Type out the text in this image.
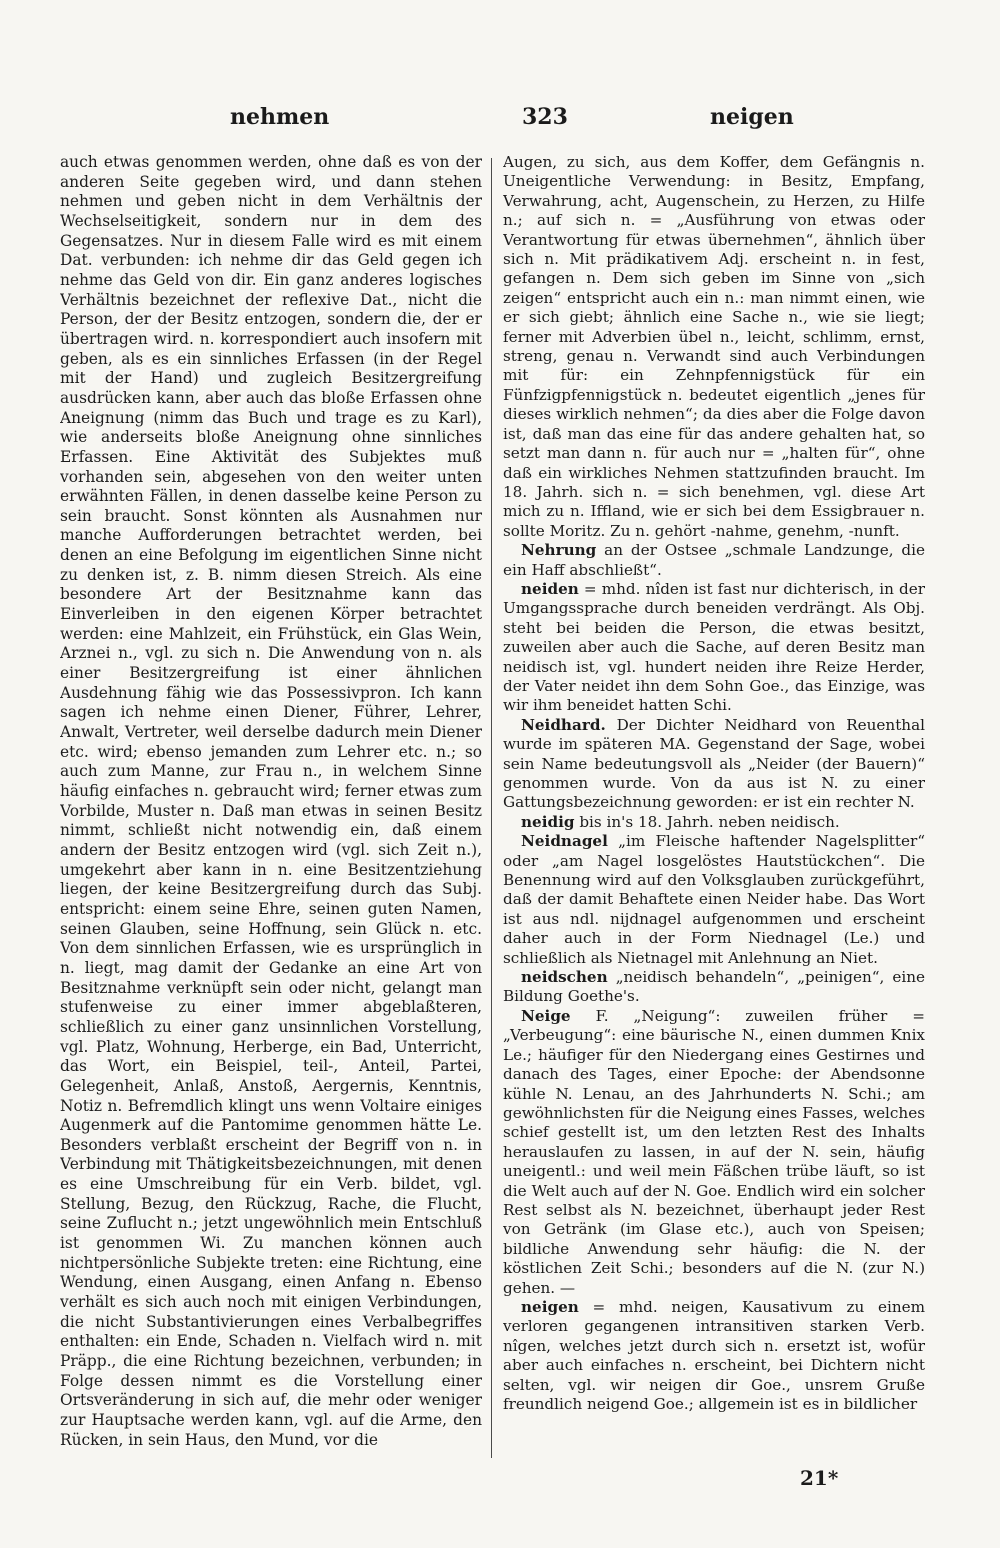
nehmen	323	neigen

auch etwas genommen werden, ohne daß es von der anderen Seite gegeben wird, und dann stehen nehmen und geben nicht in dem Verhältnis der Wechselseitigkeit, sondern nur in dem des Gegensatzes. Nur in diesem Falle wird es mit einem Dat. verbunden: ich nehme dir das Geld gegen ich nehme das Geld von dir. Ein ganz anderes logisches Verhältnis bezeichnet der reflexive Dat., nicht die Person, der der Besitz entzogen, sondern die, der er übertragen wird. n. korrespondiert auch insofern mit geben, als es ein sinnliches Erfassen (in der Regel mit der Hand) und zugleich Besitzergreifung ausdrücken kann, aber auch das bloße Erfassen ohne Aneignung (nimm das Buch und trage es zu Karl), wie anderseits bloße Aneignung ohne sinnliches Erfassen. Eine Aktivität des Subjektes muß vorhanden sein, abgesehen von den weiter unten erwähnten Fällen, in denen dasselbe keine Person zu sein braucht. Sonst könnten als Ausnahmen nur manche Aufforderungen betrachtet werden, bei denen an eine Befolgung im eigentlichen Sinne nicht zu denken ist, z. B. nimm diesen Streich. Als eine besondere Art der Besitznahme kann das Einverleiben in den eigenen Körper betrachtet werden: eine Mahlzeit, ein Frühstück, ein Glas Wein, Arznei n., vgl. zu sich n. Die Anwendung von n. als einer Besitzergreifung ist einer ähnlichen Ausdehnung fähig wie das Possessivpron. Ich kann sagen ich nehme einen Diener, Führer, Lehrer, Anwalt, Vertreter, weil derselbe dadurch mein Diener etc. wird; ebenso jemanden zum Lehrer etc. n.; so auch zum Manne, zur Frau n., in welchem Sinne häufig einfaches n. gebraucht wird; ferner etwas zum Vorbilde, Muster n. Daß man etwas in seinen Besitz nimmt, schließt nicht notwendig ein, daß einem andern der Besitz entzogen wird (vgl. sich Zeit n.), umgekehrt aber kann in n. eine Besitzentziehung liegen, der keine Besitzergreifung durch das Subj. entspricht: einem seine Ehre, seinen guten Namen, seinen Glauben, seine Hoffnung, sein Glück n. etc. Von dem sinnlichen Erfassen, wie es ursprünglich in n. liegt, mag damit der Gedanke an eine Art von Besitznahme verknüpft sein oder nicht, gelangt man stufenweise zu einer immer abgeblaßteren, schließlich zu einer ganz unsinnlichen Vorstellung, vgl. Platz, Wohnung, Herberge, ein Bad, Unterricht, das Wort, ein Beispiel, teil-, Anteil, Partei, Gelegenheit, Anlaß, Anstoß, Aergernis, Kenntnis, Notiz n. Befremdlich klingt uns wenn Voltaire einiges Augenmerk auf die Pantomime genommen hätte Le. Besonders verblaßt erscheint der Begriff von n. in Verbindung mit Thätigkeitsbezeichnungen, mit denen es eine Umschreibung für ein Verb. bildet, vgl. Stellung, Bezug, den Rückzug, Rache, die Flucht, seine Zuflucht n.; jetzt ungewöhnlich mein Entschluß ist genommen Wi. Zu manchen können auch nichtpersönliche Subjekte treten: eine Richtung, eine Wendung, einen Ausgang, einen Anfang n. Ebenso verhält es sich auch noch mit einigen Verbindungen, die nicht Substantivierungen eines Verbalbegriffes enthalten: ein Ende, Schaden n. Vielfach wird n. mit Präpp., die eine Richtung bezeichnen, verbunden; in Folge dessen nimmt es die Vorstellung einer Ortsveränderung in sich auf, die mehr oder weniger zur Hauptsache werden kann, vgl. auf die Arme, den Rücken, in sein Haus, den Mund, vor die

Augen, zu sich, aus dem Koffer, dem Gefängnis n. Uneigentliche Verwendung: in Besitz, Empfang, Verwahrung, acht, Augenschein, zu Herzen, zu Hilfe n.; auf sich n. = „Ausführung von etwas oder Verantwortung für etwas übernehmen“, ähnlich über sich n. Mit prädikativem Adj. erscheint n. in fest, gefangen n. Dem sich geben im Sinne von „sich zeigen“ entspricht auch ein n.: man nimmt einen, wie er sich giebt; ähnlich eine Sache n., wie sie liegt; ferner mit Adverbien übel n., leicht, schlimm, ernst, streng, genau n. Verwandt sind auch Verbindungen mit für: ein Zehnpfennigstück für ein Fünfzigpfennigstück n. bedeutet eigentlich „jenes für dieses wirklich nehmen“; da dies aber die Folge davon ist, daß man das eine für das andere gehalten hat, so setzt man dann n. für auch nur = „halten für“, ohne daß ein wirkliches Nehmen stattzufinden braucht. Im 18. Jahrh. sich n. = sich benehmen, vgl. diese Art mich zu n. Iffland, wie er sich bei dem Essigbrauer n. sollte Moritz. Zu n. gehört -nahme, genehm, -nunft.

Nehrung an der Ostsee „schmale Landzunge, die ein Haff abschließt“.

neiden = mhd. nîden ist fast nur dichterisch, in der Umgangssprache durch beneiden verdrängt. Als Obj. steht bei beiden die Person, die etwas besitzt, zuweilen aber auch die Sache, auf deren Besitz man neidisch ist, vgl. hundert neiden ihre Reize Herder, der Vater neidet ihn dem Sohn Goe., das Einzige, was wir ihm beneidet hatten Schi.

Neidhard. Der Dichter Neidhard von Reuenthal wurde im späteren MA. Gegenstand der Sage, wobei sein Name bedeutungsvoll als „Neider (der Bauern)“ genommen wurde. Von da aus ist N. zu einer Gattungsbezeichnung geworden: er ist ein rechter N.

neidig bis in's 18. Jahrh. neben neidisch.

Neidnagel „im Fleische haftender Nagelsplitter“ oder „am Nagel losgelöstes Hautstückchen“. Die Benennung wird auf den Volksglauben zurückgeführt, daß der damit Behaftete einen Neider habe. Das Wort ist aus ndl. nijdnagel aufgenommen und erscheint daher auch in der Form Niednagel (Le.) und schließlich als Nietnagel mit Anlehnung an Niet.

neidschen „neidisch behandeln“, „peinigen“, eine Bildung Goethe's.

Neige F. „Neigung“: zuweilen früher = „Verbeugung“: eine bäurische N., einen dummen Knix Le.; häufiger für den Niedergang eines Gestirnes und danach des Tages, einer Epoche: der Abendsonne kühle N. Lenau, an des Jahrhunderts N. Schi.; am gewöhnlichsten für die Neigung eines Fasses, welches schief gestellt ist, um den letzten Rest des Inhalts herauslaufen zu lassen, in auf der N. sein, häufig uneigentl.: und weil mein Fäßchen trübe läuft, so ist die Welt auch auf der N. Goe. Endlich wird ein solcher Rest selbst als N. bezeichnet, überhaupt jeder Rest von Getränk (im Glase etc.), auch von Speisen; bildliche Anwendung sehr häufig: die N. der köstlichen Zeit Schi.; besonders auf die N. (zur N.) gehen. —

neigen = mhd. neigen, Kausativum zu einem verloren gegangenen intransitiven starken Verb. nîgen, welches jetzt durch sich n. ersetzt ist, wofür aber auch einfaches n. erscheint, bei Dichtern nicht selten, vgl. wir neigen dir Goe., unsrem Gruße freundlich neigend Goe.; allgemein ist es in bildlicher

21*
